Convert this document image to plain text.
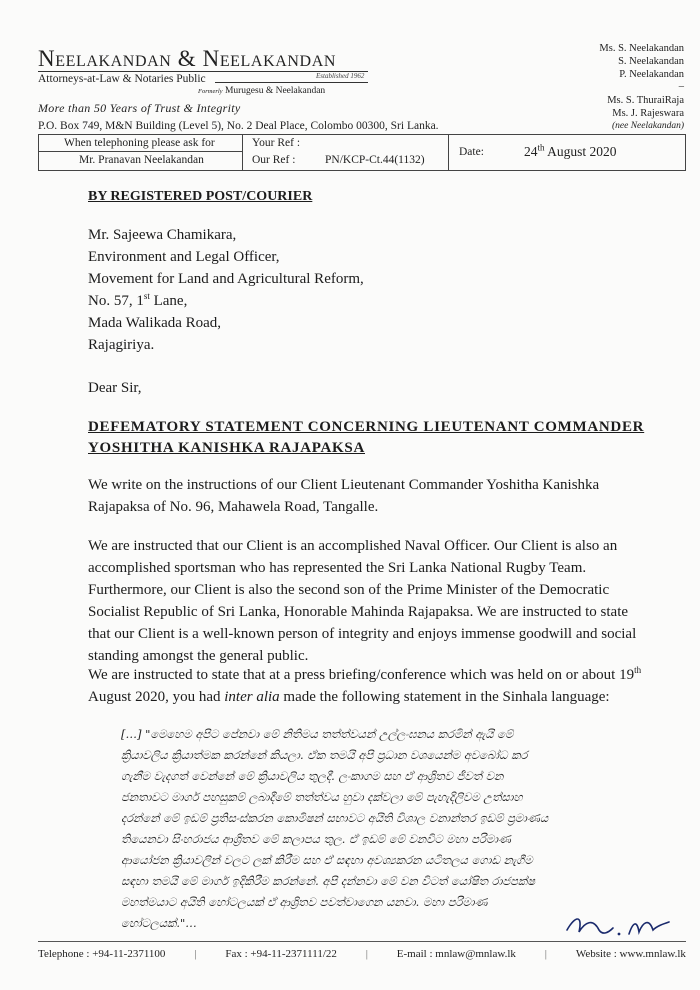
Neelakandan & Neelakandan
Established 1962
Attorneys-at-Law & Notaries Public
Formerly Murugesu & Neelakandan
More than 50 Years of Trust & Integrity
P.O. Box 749, M&N Building (Level 5), No. 2 Deal Place, Colombo 00300, Sri Lanka.
Ms. S. Neelakandan
S. Neelakandan
P. Neelakandan
–
Ms. S. ThuraiRaja
Ms. J. Rajeswara
(nee Neelakandan)
When telephoning please ask for
Mr. Pranavan Neelakandan
Your Ref :
Our Ref :	PN/KCP-Ct.44(1132)
Date:	24th August 2020
BY REGISTERED POST/COURIER
Mr. Sajeewa Chamikara,
Environment and Legal Officer,
Movement for Land and Agricultural Reform,
No. 57, 1st Lane,
Mada Walikada Road,
Rajagiriya.
Dear Sir,
DEFEMATORY STATEMENT CONCERNING LIEUTENANT COMMANDER
YOSHITHA KANISHKA RAJAPAKSA
We write on the instructions of our Client Lieutenant Commander Yoshitha Kanishka Rajapaksa of No. 96, Mahawela Road, Tangalle.
We are instructed that our Client is an accomplished Naval Officer. Our Client is also an accomplished sportsman who has represented the Sri Lanka National Rugby Team. Furthermore, our Client is also the second son of the Prime Minister of the Democratic Socialist Republic of Sri Lanka, Honorable Mahinda Rajapaksa. We are instructed to state that our Client is a well-known person of integrity and enjoys immense goodwill and social standing amongst the general public.
We are instructed to state that at a press briefing/conference which was held on or about 19th August 2020, you had inter alia made the following statement in the Sinhala language:
[…] "මෙහෙම අපිට පේනවා මේ නිතිමය තත්ත්වයන් උල්ලංඝනය කරමින් ඇයි මේ ක්‍රියාවලිය ක්‍රියාත්මක කරන්නේ කියලා. ඒක තමයි අපි ප්‍රධාන වශයෙන්ම අවබෝධ කර ගැනීම වැදගත් වෙන්නේ මේ ක්‍රියාවලිය තුලදී. ලංකාගම සහ ඒ ආශ්‍රිතව ජීවත් වන ජනතාවට මාර්ග පහසුකම් ලබාදීමේ තත්ත්වය හුවා දක්වලා මේ පැහැදිලිවම උත්සාහ දරන්නේ මේ ඉඩම් ප්‍රතිසංස්කරන කොමිෂන් සභාවට අයිති විශාල වනාන්තර ඉඩම් ප්‍රමාණය තියෙනවා සිංහරාජය ආශ්‍රිතව මේ කලාපය තුල. ඒ ඉඩම් මේ වනවිට මහා පරිමාණ ආයෝජන ක්‍රියාවලින් වලට ලක් කිරීම සහ ඒ සඳහා අවශ්‍යකරන යටිතලය ගොඩ නැගීම සඳහා තමයි මේ මාර්ග ඉදිකිරීම කරන්නේ. අපි දන්නවා මේ වන විටත් යෝෂිත රාජපක්ෂ මහත්මයාට අයිති හෝටලයක් ඒ ආශ්‍රිතව පවත්වාගෙන යනවා. මහා පරිමාණ හෝටලයක්."…
Telephone : +94-11-2371100	|	Fax : +94-11-2371111/22	|	E-mail : mnlaw@mnlaw.lk	|	Website : www.mnlaw.lk
